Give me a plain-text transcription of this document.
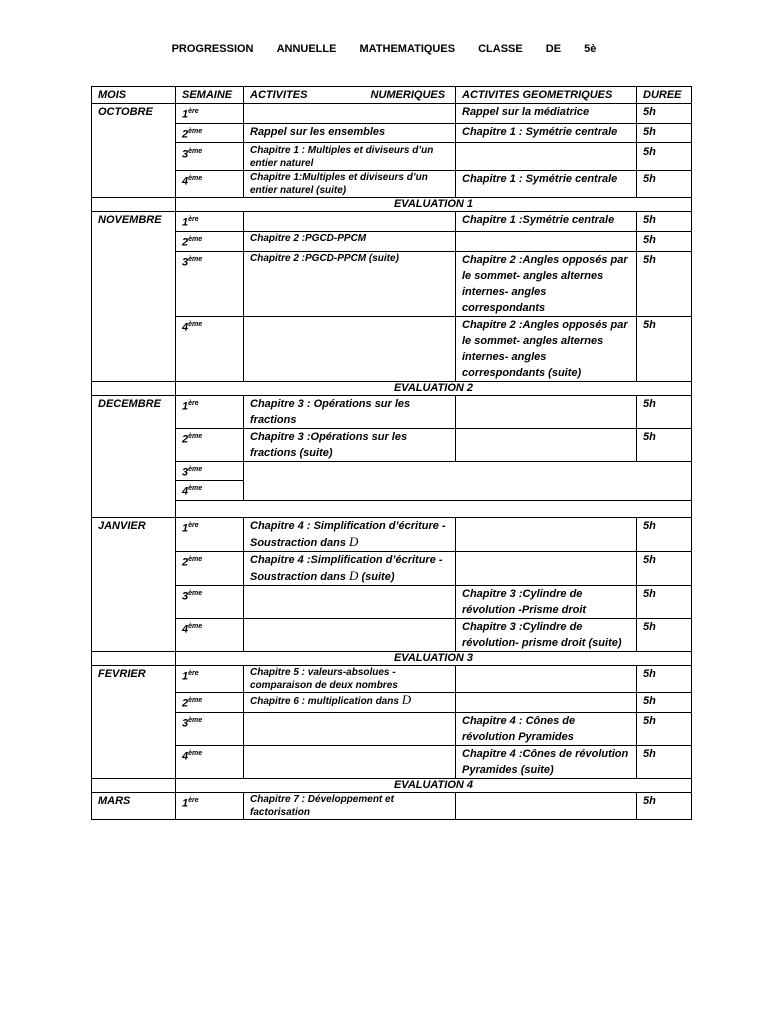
PROGRESSION ANNUELLE MATHEMATIQUES CLASSE DE 5è
MOIS	SEMAINE	ACTIVITES NUMERIQUES	ACTIVITES GEOMETRIQUES	DUREE
OCTOBRE	1ère		Rappel sur la médiatrice	5h
	2ème	Rappel sur les ensembles	Chapitre 1 : Symétrie centrale	5h
	3ème	Chapitre 1 : Multiples et diviseurs d’un entier naturel		5h
	4ème	Chapitre 1:Multiples et diviseurs d’un entier naturel (suite)	Chapitre 1 : Symétrie centrale	5h
	EVALUATION 1			
NOVEMBRE	1ère		Chapitre 1 :Symétrie centrale	5h
	2ème	Chapitre 2 :PGCD-PPCM		5h
	3ème	Chapitre 2 :PGCD-PPCM (suite)	Chapitre 2 :Angles opposés par le sommet- angles alternes internes- angles correspondants	5h
	4ème		Chapitre 2 :Angles opposés par le sommet- angles alternes internes- angles correspondants (suite)	5h
	EVALUATION 2			
DECEMBRE	1ère	Chapitre 3 : Opérations sur les fractions		5h
	2ème	Chapitre 3 :Opérations sur les fractions (suite)		5h
	3ème	
	4ème

JANVIER	1ère	Chapitre 4 : Simplification d’écriture -Soustraction dans D		5h
	2ème	Chapitre 4 :Simplification d’écriture -Soustraction dans D (suite)		5h
	3ème		Chapitre 3 :Cylindre de révolution -Prisme droit	5h
	4ème		Chapitre 3 :Cylindre de révolution- prisme droit (suite)	5h
	EVALUATION 3			
FEVRIER	1ère	Chapitre 5 : valeurs-absolues - comparaison de deux nombres		5h
	2ème	Chapitre 6 : multiplication dans D		5h
	3ème		Chapitre 4 : Cônes de révolution Pyramides	5h
	4ème		Chapitre 4 :Cônes de révolution Pyramides (suite)	5h
	EVALUATION 4			
MARS	1ère	Chapitre 7 : Développement et factorisation		5h
